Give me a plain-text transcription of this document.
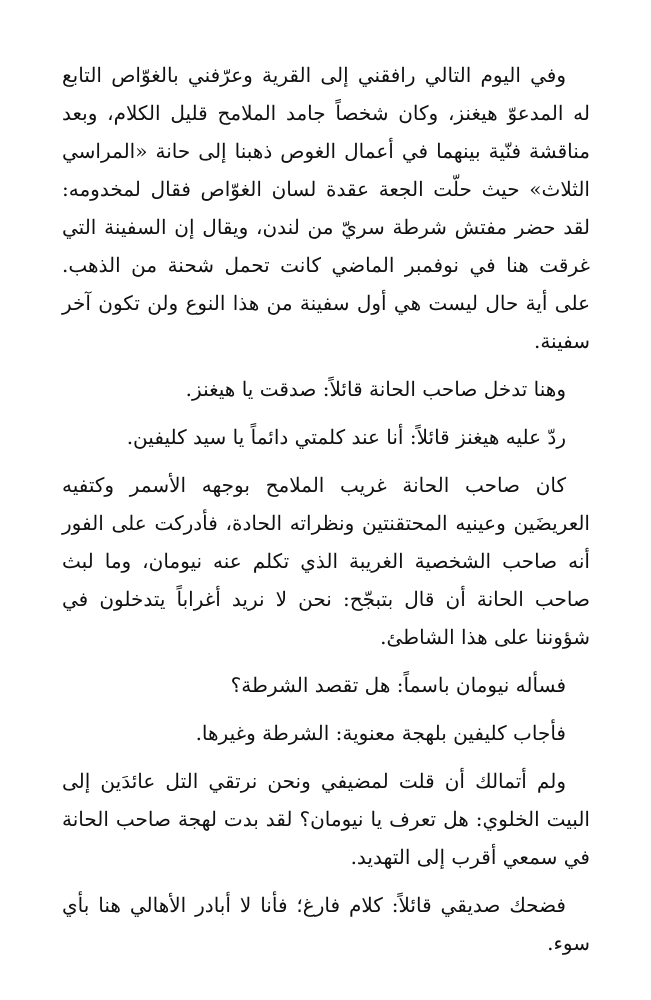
وفي اليوم التالي رافقني إلى القرية وعرّفني بالغوّاص التابع له المدعوّ هيغنز، وكان شخصاً جامد الملامح قليل الكلام، وبعد مناقشة فنّية بينهما في أعمال الغوص ذهبنا إلى حانة «المراسي الثلاث» حيث حلّت الجعة عقدة لسان الغوّاص فقال لمخدومه: لقد حضر مفتش شرطة سريّ من لندن، ويقال إن السفينة التي غرقت هنا في نوفمبر الماضي كانت تحمل شحنة من الذهب. على أية حال ليست هي أول سفينة من هذا النوع ولن تكون آخر سفينة.

وهنا تدخل صاحب الحانة قائلاً: صدقت يا هيغنز.

ردّ عليه هيغنز قائلاً: أنا عند كلمتي دائماً يا سيد كليفين.

كان صاحب الحانة غريب الملامح بوجهه الأسمر وكتفيه العريضَين وعينيه المحتقنتين ونظراته الحادة، فأدركت على الفور أنه صاحب الشخصية الغريبة الذي تكلم عنه نيومان، وما لبث صاحب الحانة أن قال بتبجّح: نحن لا نريد أغراباً يتدخلون في شؤوننا على هذا الشاطئ.

فسأله نيومان باسماً: هل تقصد الشرطة؟

فأجاب كليفين بلهجة معنوية: الشرطة وغيرها.

ولم أتمالك أن قلت لمضيفي ونحن نرتقي التل عائدَين إلى البيت الخلوي: هل تعرف يا نيومان؟ لقد بدت لهجة صاحب الحانة في سمعي أقرب إلى التهديد.

فضحك صديقي قائلاً: كلام فارغ؛ فأنا لا أبادر الأهالي هنا بأي سوء.
